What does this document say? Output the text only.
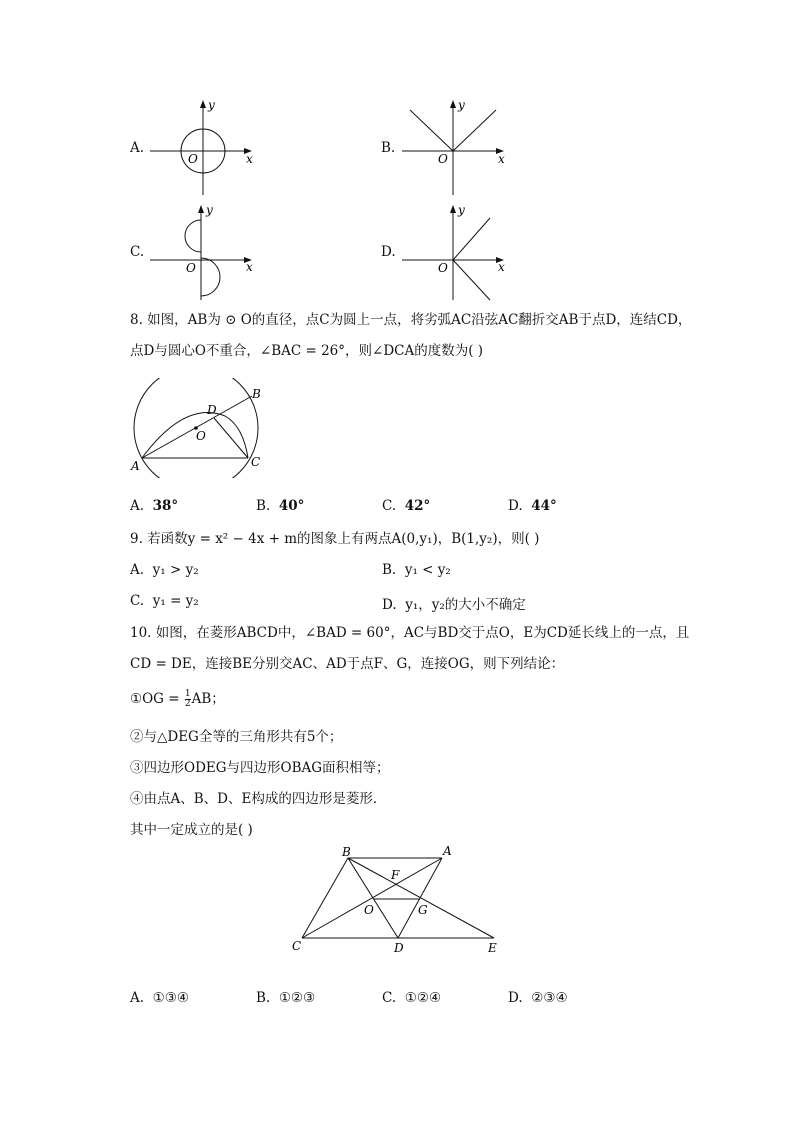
A.
y
x
O
B.
y
x
O
C.
y
x
O
D.
y
x
O
8. 如图，AB为 ⊙ O的直径，点C为圆上一点，将劣弧AC沿弦AC翻折交AB于点D，连结CD，
点D与圆心O不重合，∠BAC = 26°，则∠DCA的度数为( )
A
B
C
D
O
A. 38°	B. 40°	C. 42°	D. 44°
9. 若函数y = x² − 4x + m的图象上有两点A(0,y₁)，B(1,y₂)，则( )
A. y₁ > y₂	B. y₁ < y₂
C. y₁ = y₂	D. y₁，y₂的大小不确定
10. 如图，在菱形ABCD中，∠BAD = 60°，AC与BD交于点O，E为CD延长线上的一点，且
CD = DE，连接BE分别交AC、AD于点F、G，连接OG，则下列结论：
①OG = $\frac{1}{2}$ AB；
②与△DEG全等的三角形共有5个；
③四边形ODEG与四边形OBAG面积相等；
④由点A、B、D、E构成的四边形是菱形．
其中一定成立的是( )
B	A
C	D	E
F
G
O
A. ①③④	B. ①②③	C. ①②④	D. ②③④
